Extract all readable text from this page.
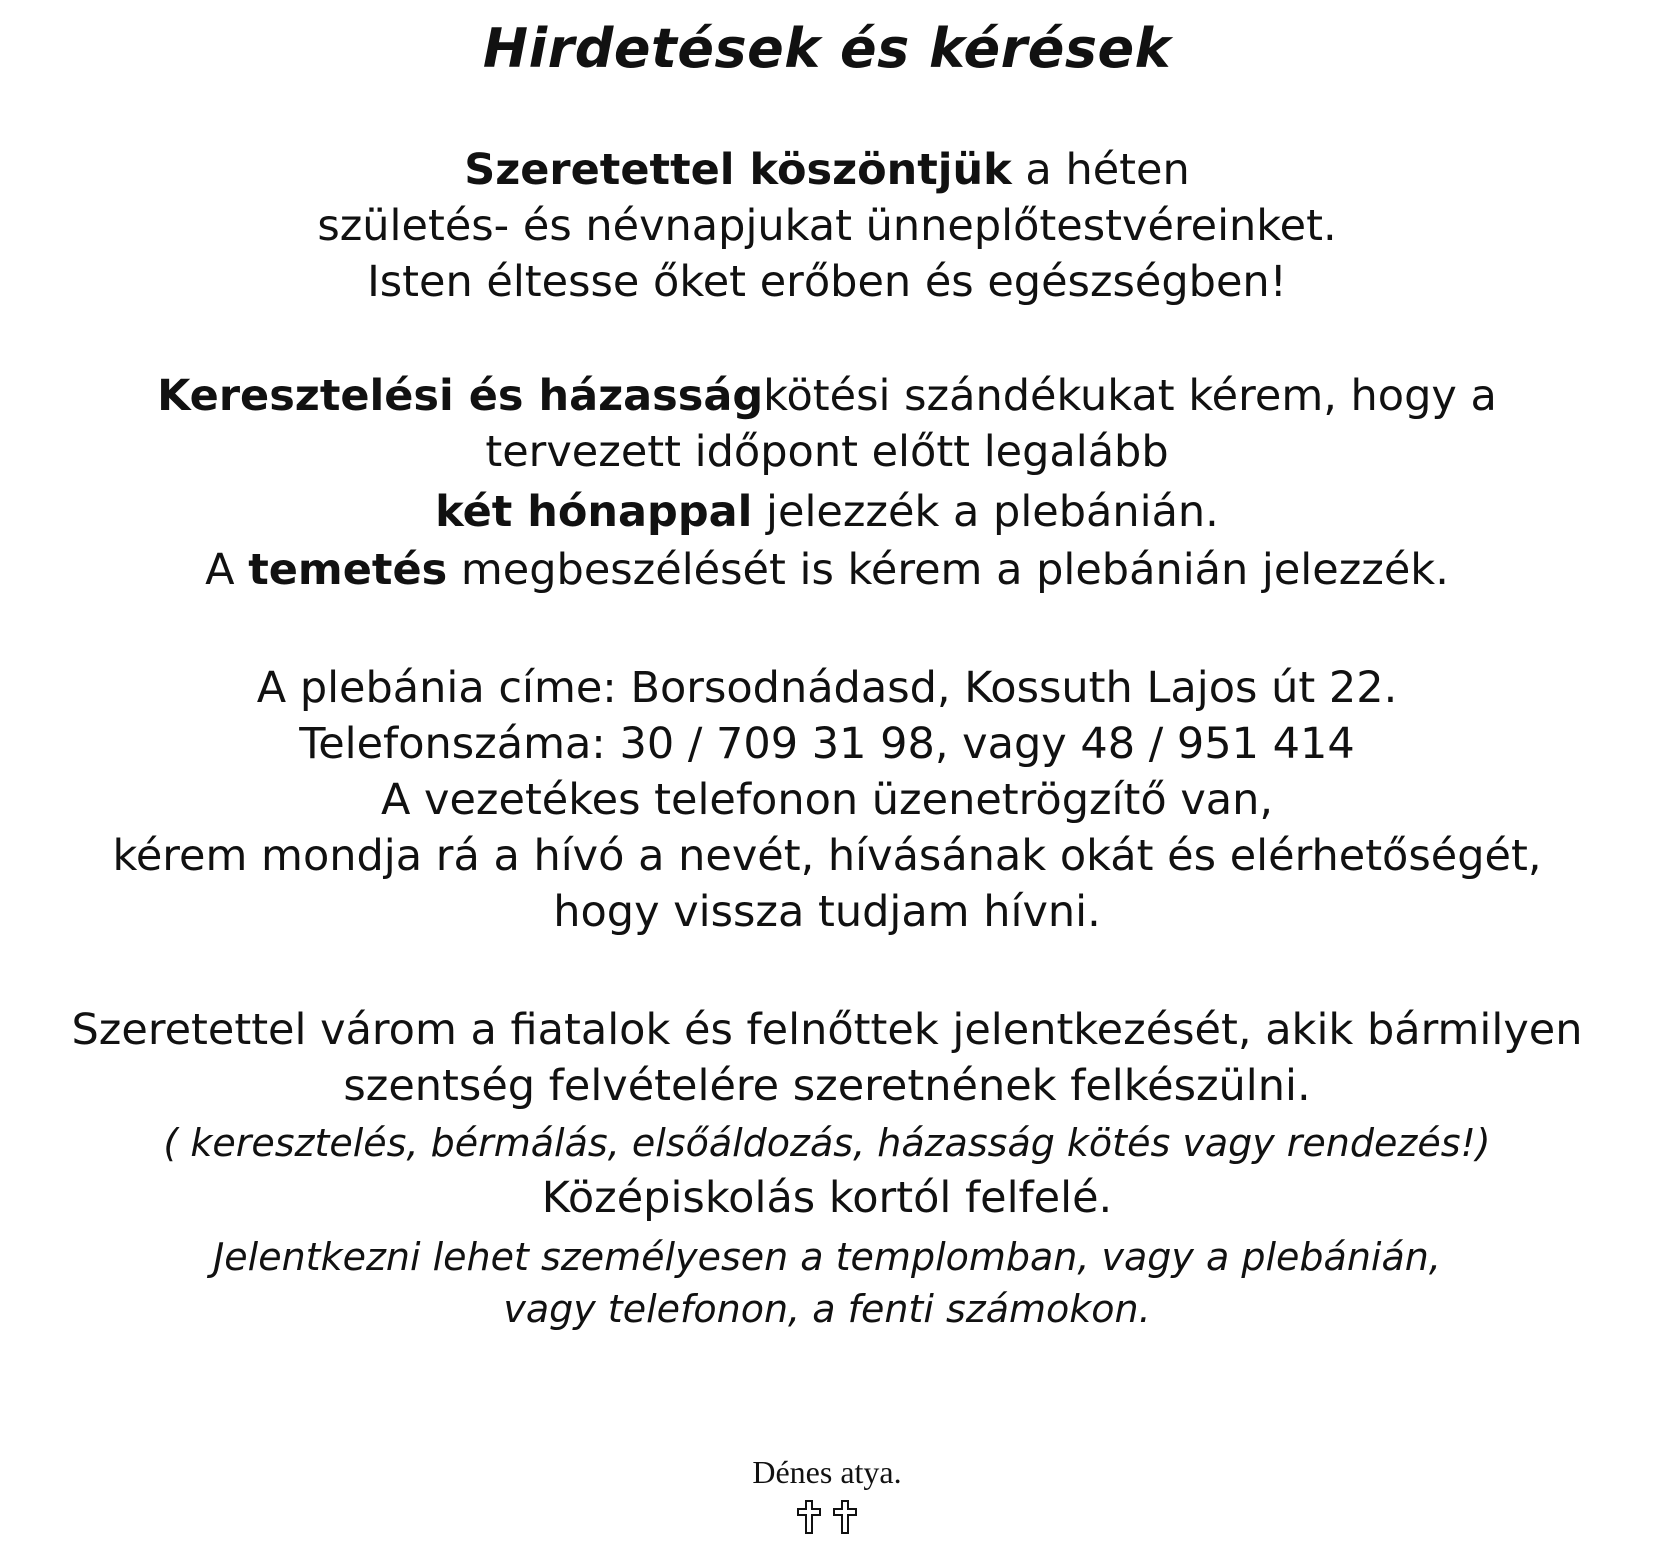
Hirdetések és kérések
Szeretettel köszöntjük a héten
születés- és névnapjukat ünneplőtestvéreinket.
Isten éltesse őket erőben és egészségben!
Keresztelési és házasságkötési szándékukat kérem, hogy a
tervezett időpont előtt legalább
két hónappal jelezzék a plebánián.
A temetés megbeszélését is kérem a plebánián jelezzék.
A plebánia címe: Borsodnádasd, Kossuth Lajos út 22.
Telefonszáma: 30 / 709 31 98, vagy 48 / 951 414
A vezetékes telefonon üzenetrögzítő van,
kérem mondja rá a hívó a nevét, hívásának okát és elérhetőségét,
hogy vissza tudjam hívni.
Szeretettel várom a fiatalok és felnőttek jelentkezését, akik bármilyen
szentség felvételére szeretnének felkészülni.
( keresztelés, bérmálás, elsőáldozás, házasság kötés vagy rendezés!)
Középiskolás kortól felfelé.
Jelentkezni lehet személyesen a templomban, vagy a plebánián,
vagy telefonon, a fenti számokon.
Dénes atya.
